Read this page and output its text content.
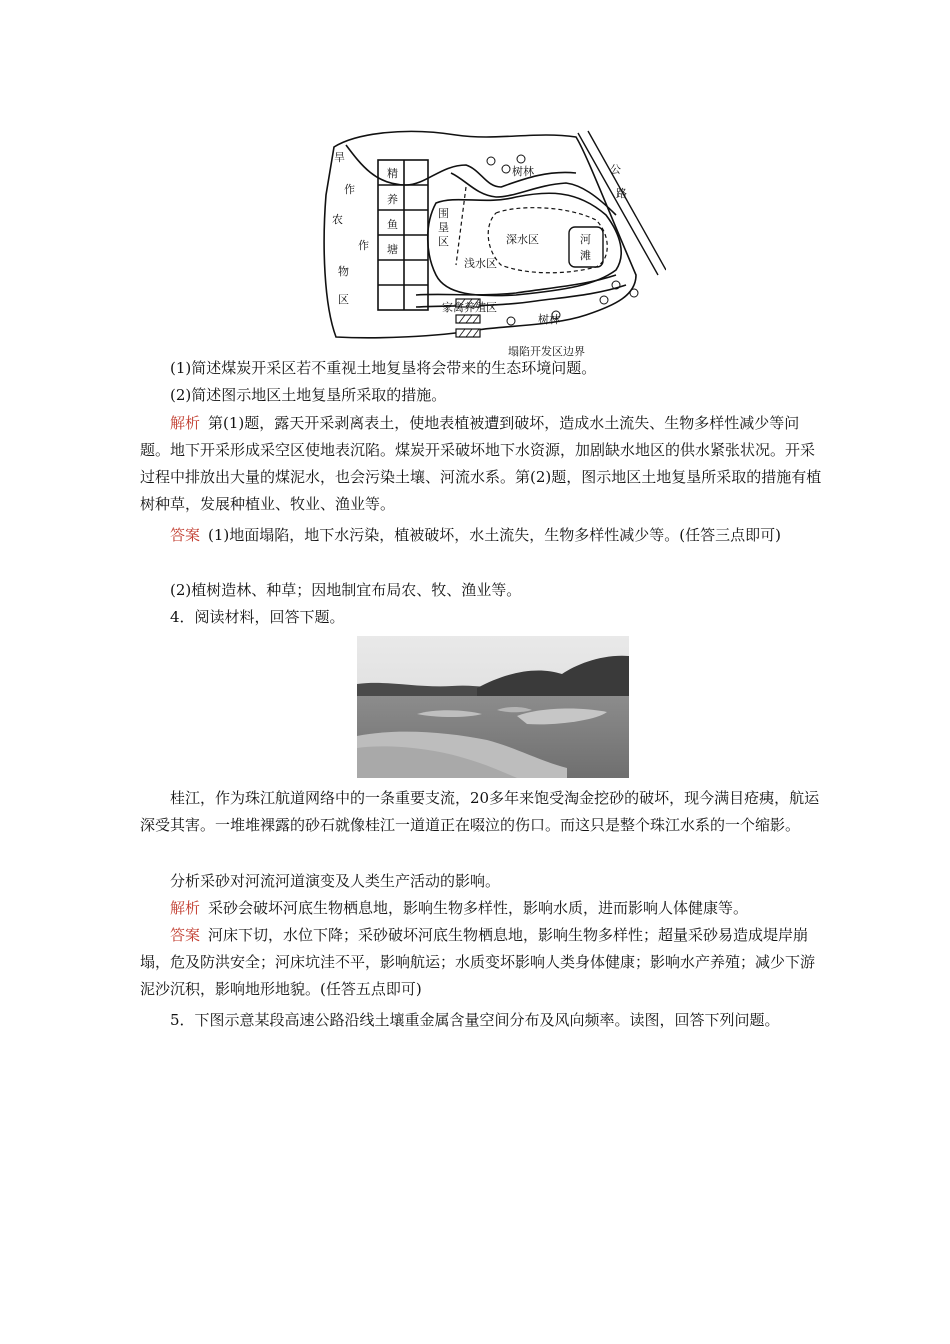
旱
作
农
作
物
区
精
养
鱼
塘
围
垦
区
公
路
树林
树林
深水区	河
滩
浅水区
家禽养殖区
塌陷开发区边界

(1)简述煤炭开采区若不重视土地复垦将会带来的生态环境问题。

(2)简述图示地区土地复垦所采取的措施。

解析 第(1)题，露天开采剥离表土，使地表植被遭到破坏，造成水土流失、生物多样性减少等问题。地下开采形成采空区使地表沉陷。煤炭开采破坏地下水资源，加剧缺水地区的供水紧张状况。开采过程中排放出大量的煤泥水，也会污染土壤、河流水系。第(2)题，图示地区土地复垦所采取的措施有植树种草，发展种植业、牧业、渔业等。

答案 (1)地面塌陷，地下水污染，植被破坏，水土流失，生物多样性减少等。(任答三点即可)

(2)植树造林、种草；因地制宜布局农、牧、渔业等。

4．阅读材料，回答下题。

桂江，作为珠江航道网络中的一条重要支流，20多年来饱受淘金挖砂的破坏，现今满目疮痍，航运深受其害。一堆堆裸露的砂石就像桂江一道道正在啜泣的伤口。而这只是整个珠江水系的一个缩影。

分析采砂对河流河道演变及人类生产活动的影响。

解析 采砂会破坏河底生物栖息地，影响生物多样性，影响水质，进而影响人体健康等。

答案 河床下切，水位下降；采砂破坏河底生物栖息地，影响生物多样性；超量采砂易造成堤岸崩塌，危及防洪安全；河床坑洼不平，影响航运；水质变坏影响人类身体健康；影响水产养殖；减少下游泥沙沉积，影响地形地貌。(任答五点即可)

5．下图示意某段高速公路沿线土壤重金属含量空间分布及风向频率。读图，回答下列问题。
